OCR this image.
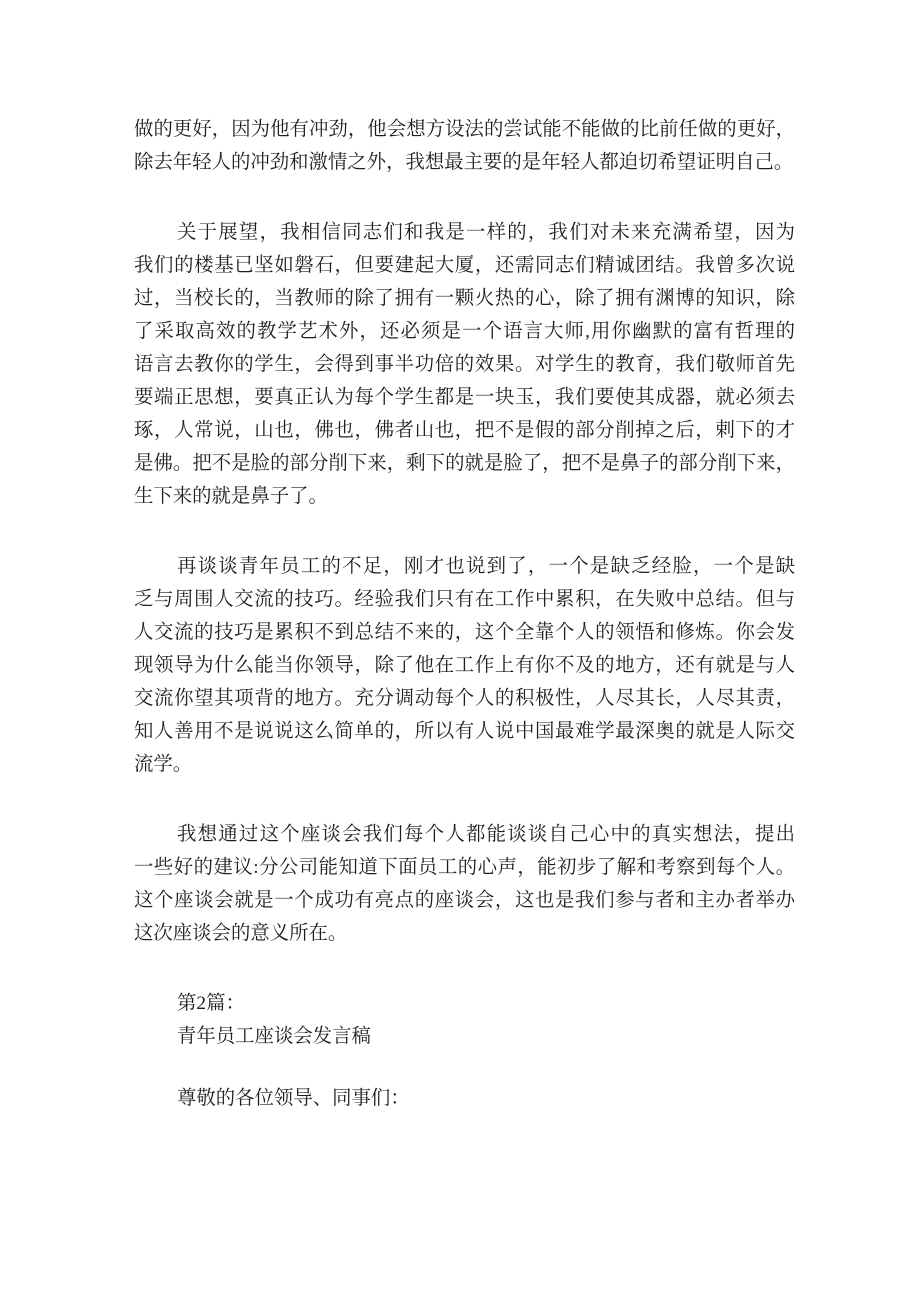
做的更好，因为他有冲劲，他会想方设法的尝试能不能做的比前任做的更好，
除去年轻人的冲劲和激情之外，我想最主要的是年轻人都迫切希望证明自己。

关于展望，我相信同志们和我是一样的，我们对未来充满希望，因为
我们的楼基已坚如磐石，但要建起大厦，还需同志们精诚团结。我曾多次说
过，当校长的，当教师的除了拥有一颗火热的心，除了拥有渊博的知识，除
了采取高效的教学艺术外，还必须是一个语言大师,用你幽默的富有哲理的
语言去教你的学生，会得到事半功倍的效果。对学生的教育，我们敬师首先
要端正思想，要真正认为每个学生都是一块玉，我们要使其成器，就必须去
琢，人常说，山也，佛也，佛者山也，把不是假的部分削掉之后，剌下的才
是佛。把不是脸的部分削下来，剩下的就是脸了，把不是鼻子的部分削下来，
生下来的就是鼻子了。

再谈谈青年员工的不足，刚才也说到了，一个是缺乏经脸，一个是缺
乏与周围人交流的技巧。经验我们只有在工作中累积，在失败中总结。但与
人交流的技巧是累积不到总结不来的，这个全靠个人的领悟和修炼。你会发
现领导为什么能当你领导，除了他在工作上有你不及的地方，还有就是与人
交流你望其项背的地方。充分调动每个人的积极性，人尽其长，人尽其责，
知人善用不是说说这么简单的，所以有人说中国最难学最深奥的就是人际交
流学。

我想通过这个座谈会我们每个人都能谈谈自己心中的真实想法，提出
一些好的建议:分公司能知道下面员工的心声，能初步了解和考察到每个人。
这个座谈会就是一个成功有亮点的座谈会，这也是我们参与者和主办者举办
这次座谈会的意义所在。

第2篇：

青年员工座谈会发言稿

尊敬的各位领导、同事们：
